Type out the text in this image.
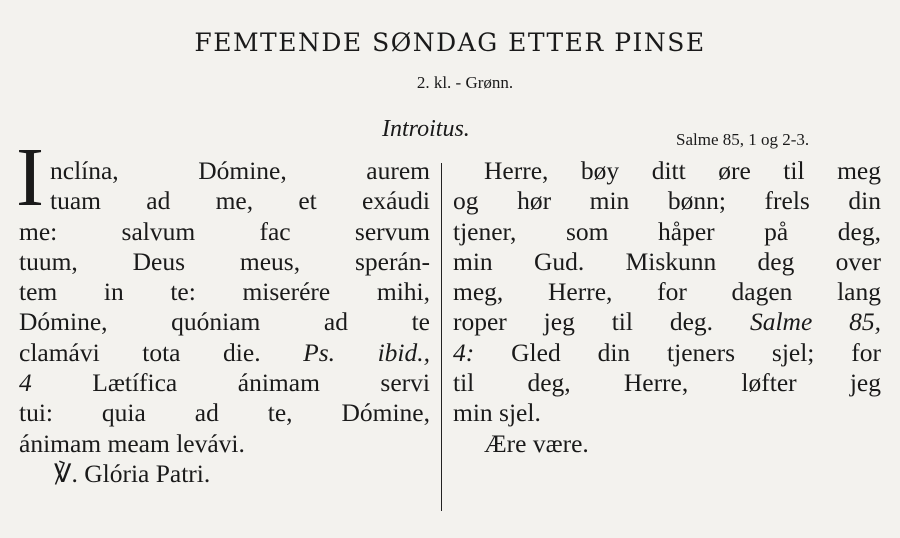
FEMTENDE SØNDAG ETTER PINSE
2. kl. - Grønn.
Introitus.	Salme 85, 1 og 2-3.
I nclína, Dómine, aurem
tuam ad me, et exáudi
me: salvum fac servum
tuum, Deus meus, sperán-
tem in te: miserére mihi,
Dómine, quóniam ad te
clamávi tota die. Ps. ibid.,
4 Lætífica ánimam servi
tui: quia ad te, Dómine,
ánimam meam levávi.
℣. Glória Patri.
Herre, bøy ditt øre til meg
og hør min bønn; frels din
tjener, som håper på deg,
min Gud. Miskunn deg over
meg, Herre, for dagen lang
roper jeg til deg. Salme 85,
4: Gled din tjeners sjel; for
til deg, Herre, løfter jeg
min sjel.
Ære være.
